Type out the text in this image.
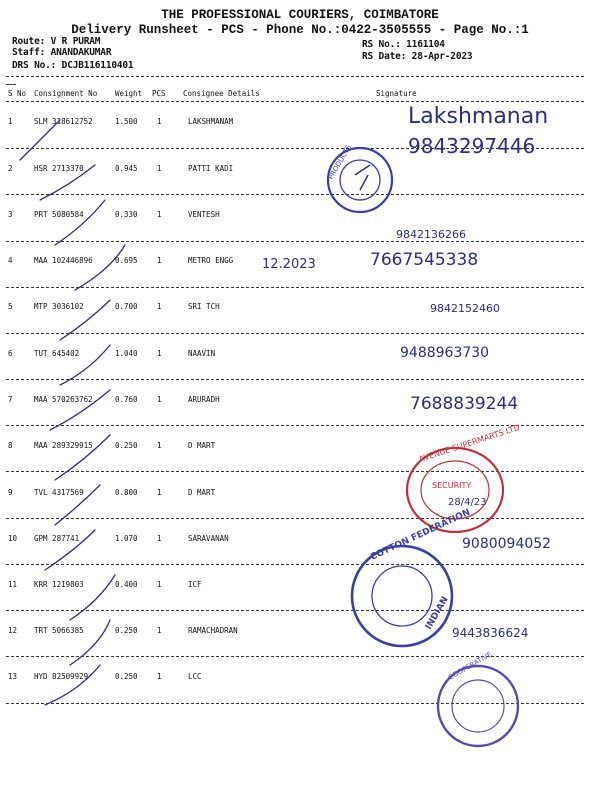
THE PROFESSIONAL COURIERS, COIMBATORE
Delivery Runsheet - PCS - Phone No.:0422-3505555 - Page No.:1
Route: V R PURAM
Staff: ANANDAKUMAR
DRS No.: DCJB116110401
RS No.: 1161104
RS Date: 28-Apr-2023
S No Consignment No Weight PCS Consignee Details	Signature
1	SLM 318612752	1.500	1	LAKSHMANAM
2	HSR 2713370	0.945	1	PATTI KADI
3	PRT 5080584	0.330	1	VENTESH
4	MAA 102446896	0.695	1	METRO ENGG
5	MTP 3036102	0.700	1	SRI TCH
6	TUT 645402	1.040	1	NAAVIN
7	MAA 570263762	0.760	1	ARURADH
8	MAA 289329915	0.250	1	D MART
9	TVL 4317569	0.800	1	D MART
10 GPM 287741	1.070	1	SARAVANAN
11 KRR 1219803	0.400	1	ICF
12 TRT 5066385	0.250	1	RAMACHADRAN
13 HYD 82509929	0.250	1	LCC
PRODUCTS
AVENUE SUPERMARTS LTD
SECURITY
28/4/23
COTTON FEDERATION
INDIAN
COOPERATIVE
Lakshmanan
9843297446
9842136266
12.2023	7667545338
9842152460
9488963730
7688839244
9080094052
9443836624
